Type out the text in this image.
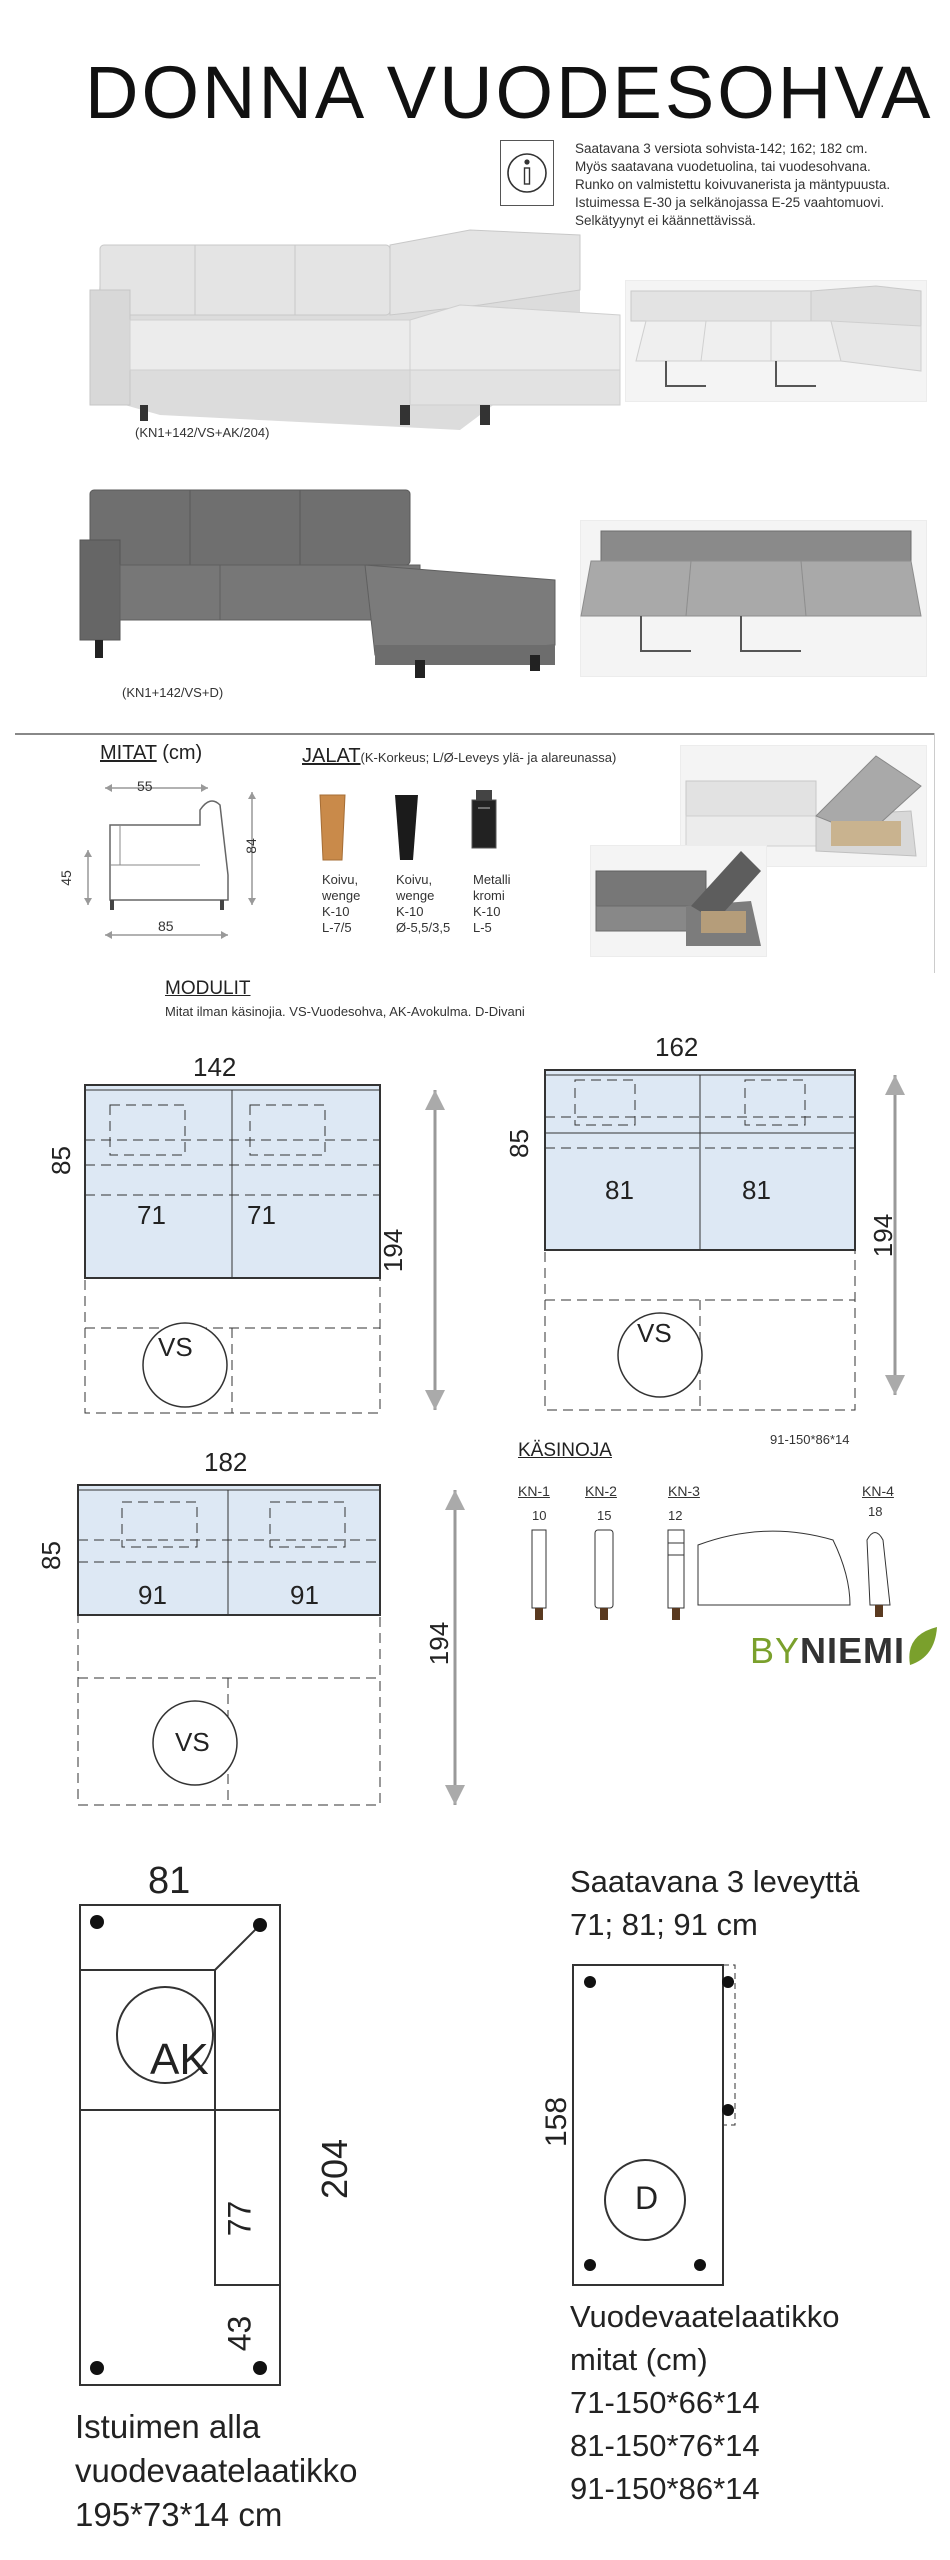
DONNA VUODESOHVA
Saatavana 3 versiota sohvista-142; 162; 182 cm.
Myös saatavana vuodetuolina, tai vuodesohvana.
Runko on valmistettu koivuvanerista ja mäntypuusta.
Istuimessa E-30 ja selkänojassa E-25 vaahtomuovi.
Selkätyynyt ei käännettävissä.
(KN1+142/VS+AK/204)
(KN1+142/VS+D)
MITAT (cm)
55
45
84
85
JALAT(K-Korkeus; L/Ø-Leveys ylä- ja alareunassa)
Koivu,
wenge
K-10
L-7/5
Koivu,
wenge
K-10
Ø-5,5/3,5
Metalli
kromi
K-10
L-5
MODULIT
Mitat ilman käsinojia. VS-Vuodesohva, AK-Avokulma. D-Divani
142
85
71	71
194
VS
162
85
81	81
194
VS
182
85
91	91
194
VS
KÄSINOJA
91-150*86*14
KN-1
10
KN-2
15
KN-3
12
KN-4
18
BYNIEMI
81
204
AK
77
43
Istuimen alla
vuodevaatelaatikko
195*73*14 cm
Saatavana 3 leveyttä
71; 81; 91 cm
158
D
Vuodevaatelaatikko
mitat (cm)
71-150*66*14
81-150*76*14
91-150*86*14
